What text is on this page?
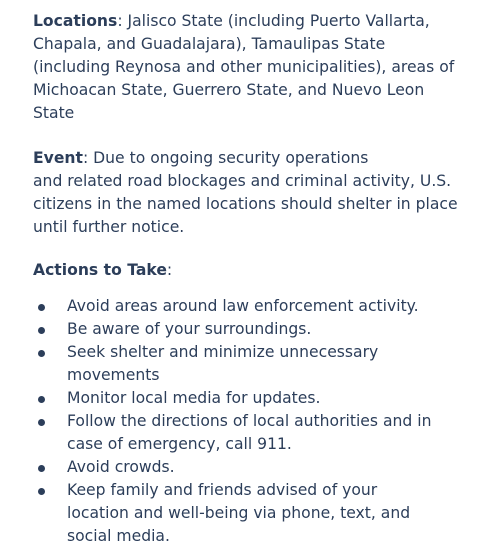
Locations: Jalisco State (including Puerto Vallarta,
Chapala, and Guadalajara), Tamaulipas State
(including Reynosa and other municipalities), areas of
Michoacan State, Guerrero State, and Nuevo Leon
State

Event: Due to ongoing security operations
and related road blockages and criminal activity, U.S.
citizens in the named locations should shelter in place
until further notice.

Actions to Take:

Avoid areas around law enforcement activity.
Be aware of your surroundings.
Seek shelter and minimize unnecessary
movements
Monitor local media for updates.
Follow the directions of local authorities and in
case of emergency, call 911.
Avoid crowds.
Keep family and friends advised of your
location and well-being via phone, text, and
social media.
